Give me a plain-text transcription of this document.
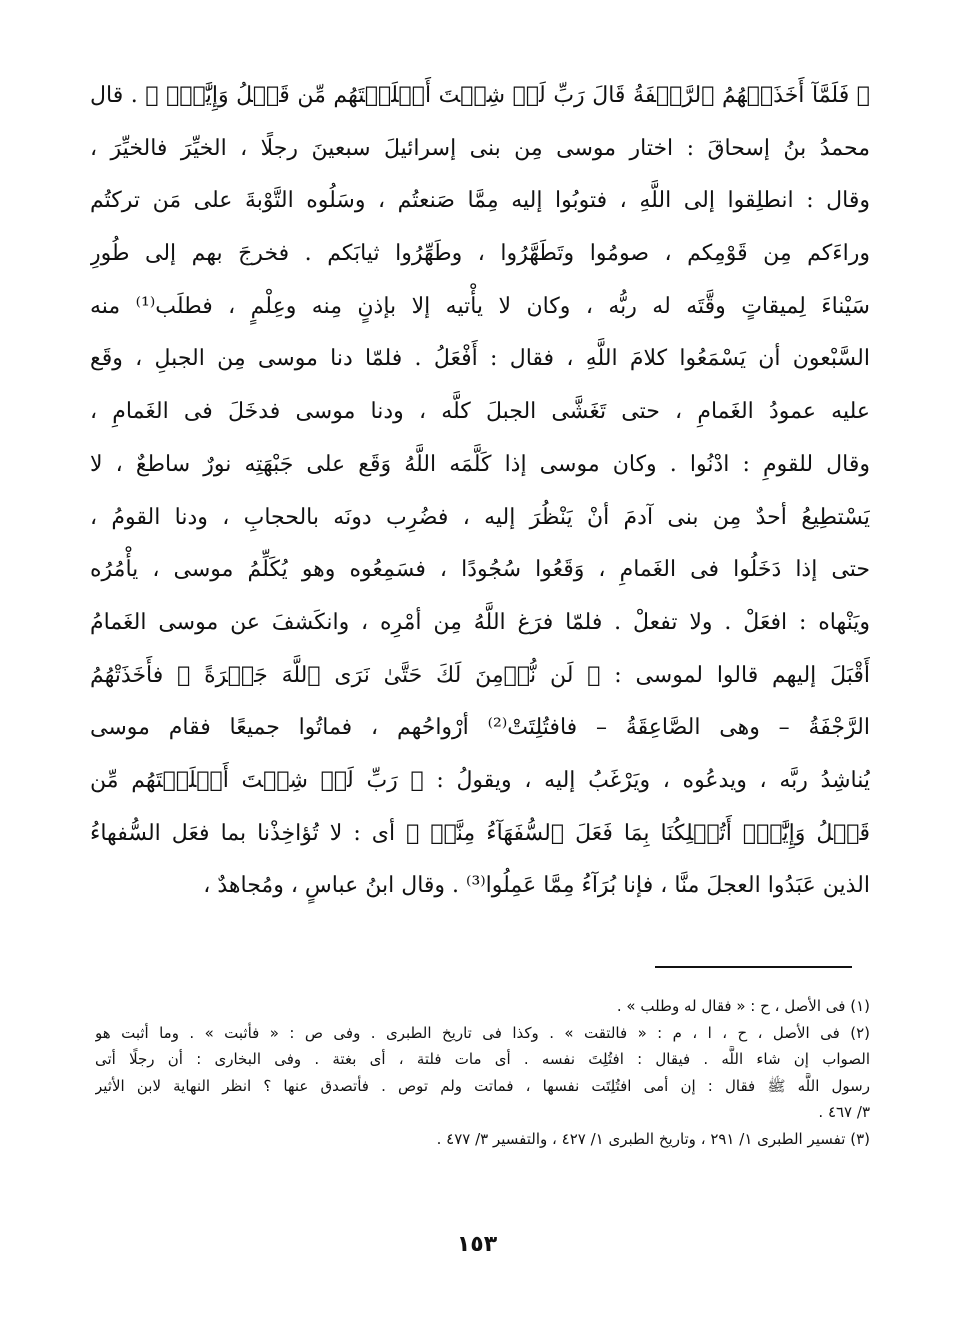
﴿ فَلَمَّآ أَخَذَتۡهُمُ ٱلرَّجۡفَةُ قَالَ رَبِّ لَوۡ شِئۡتَ أَهۡلَكۡتَهُم مِّن قَبۡلُ وَإِيَّٰيَۖ ﴾ . قال
محمدُ بنُ إسحاقَ : اختار موسى مِن بنى إسرائيلَ سبعينَ رجلًا ، الخيِّرَ فالخيِّرَ ،
وقال : انطلِقوا إلى اللَّهِ ، فتوبُوا إليه مِمَّا صَنعتُم ، وسَلُوه التَّوْبةَ على مَن تركتُم
وراءَكم مِن قَوْمِكم ، صومُوا وتَطَهَّرُوا ، وطَهِّرُوا ثيابَكم . فخرجَ بهم إلى طُورِ
سَيْناءَ لِميقاتٍ وقَّتَه له ربُّه ، وكان لا يأْتيه إلا بإذنٍ مِنه وعِلْمٍ ، فطلَب⁽¹⁾ منه
السَّبْعون أن يَسْمَعُوا كلامَ اللَّهِ ، فقال : أَفْعَلُ . فلمّا دنا موسى مِن الجبلِ ، وقَع
عليه عمودُ الغَمامِ ، حتى تَغَشَّى الجبلَ كلَّه ، ودنا موسى فدخَلَ فى الغَمامِ ،
وقال للقومِ : ادْنُوا . وكان موسى إذا كَلَّمَه اللَّهُ وَقَع على جَبْهَتِه نورٌ ساطعٌ ، لا
يَسْتطِيعُ أحدٌ مِن بنى آدمَ أنْ يَنْظُرَ إليه ، فضُرِب دونَه بالحجابِ ، ودنا القومُ ،
حتى إذا دَخَلُوا فى الغَمامِ ، وَقَعُوا سُجُودًا ، فسَمِعُوه وهو يُكَلِّمُ موسى ، يأْمُرُه
ويَنْهاه : افعَلْ . ولا تفعلْ . فلمّا فرَغ اللَّهُ مِن أمْرِه ، وانكَشفَ عن موسى الغَمامُ
أَقْبَلَ إليهم قالوا لموسى : ﴿ لَن نُّؤۡمِنَ لَكَ حَتَّىٰ نَرَى ٱللَّهَ جَهۡرَةً ﴾ فأَخَذَتْهُمُ
الرَّجْفَةُ – وهى الصَّاعِقَةُ – فافتُلِتَتْ⁽²⁾ أرْواحُهم ، فماتُوا جميعًا فقام موسى
يُناشِدُ ربَّه ، ويدعُوه ، ويَرْغَبُ إليه ، ويقولُ : ﴿ رَبِّ لَوۡ شِئۡتَ أَهۡلَكۡتَهُم مِّن
قَبۡلُ وَإِيَّٰيَۖ أَتُهۡلِكُنَا بِمَا فَعَلَ ٱلسُّفَهَآءُ مِنَّآۖ ﴾ أى : لا تُؤاخِذْنا بما فعَل السُّفهاءُ
الذين عَبَدُوا العجلَ منَّا ، فإنا بُرَآءُ مِمَّا عَمِلُوا⁽³⁾ . وقال ابنُ عباسٍ ، ومُجاهدٌ ،
(١) فى الأصل ، ح : « فقال له وطلب » .
(٢) فى الأصل ، ح ، ا ، م : « فالتقت » . وكذا فى تاريخ الطبرى . وفى ص : « فأثبت » . وما أثبت هو
الصواب إن شاء اللَّه . فيقال : افتُلِتَ نفسه . أى مات فلتة ، أى بغتة . وفى البخارى : أن رجلًا أتى
رسول اللَّه ﷺ فقال : إن أمى افتُلِتَت نفسها ، فماتت ولم توص . فأتصدق عنها ؟ انظر النهاية لابن الأثير
٣/ ٤٦٧ .
(٣) تفسير الطبرى ١/ ٢٩١ ، وتاريخ الطبرى ١/ ٤٢٧ ، والتفسير ٣/ ٤٧٧ .
١٥٣
